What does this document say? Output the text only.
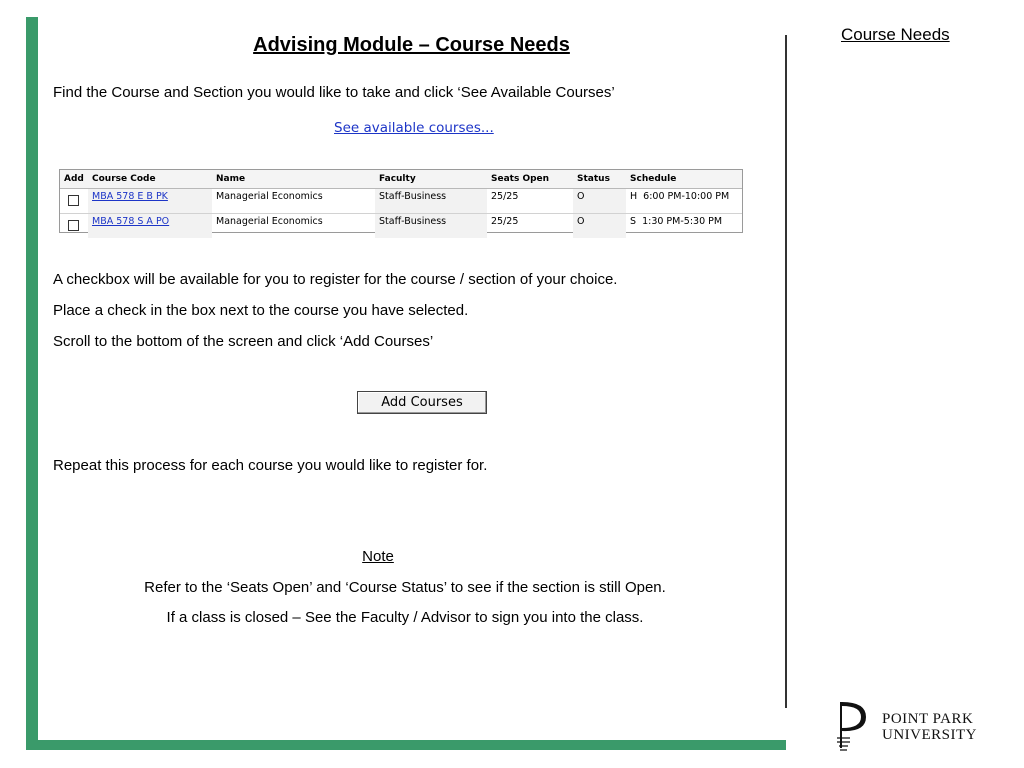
Course Needs
Advising Module – Course Needs
Find the Course and Section you would like to take and click ‘See Available Courses’
See available courses...
Add	Course Code	Name	Faculty	Seats Open	Status	Schedule
	MBA 578 E B PK	Managerial Economics	Staff-Business	25/25	O	H  6:00 PM-10:00 PM
	MBA 578 S A PO	Managerial Economics	Staff-Business	25/25	O	S  1:30 PM-5:30 PM
A checkbox will be available for you to register for the course / section of your choice.
Place a check in the box next to the course you have selected.
Scroll to the bottom of the screen and click ‘Add Courses’
Add Courses
Repeat this process for each course you would like to register for.
Note
Refer to the ‘Seats Open’ and ‘Course Status’ to see if the section is still Open.
If a class is closed – See the Faculty / Advisor to sign you into the class.
POINT PARK
UNIVERSITY
